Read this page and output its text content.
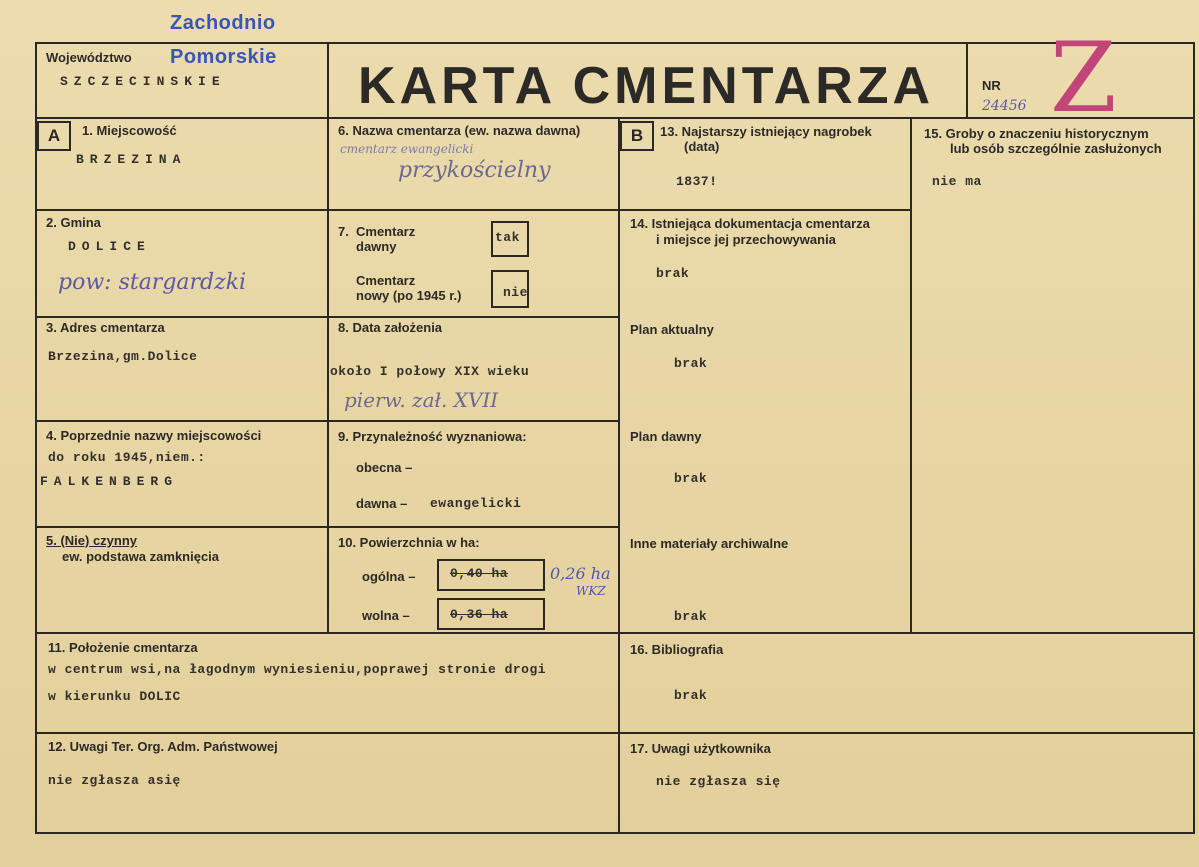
Zachodnio
Pomorskie
Województwo
SZCZECINSKIE	KARTA CMENTARZA	NR
24456 Z
A	B
1. Miejscowość
BRZEZINA
2. Gmina
DOLICE
pow: stargardzki
3. Adres cmentarza
Brzezina,gm.Dolice
4. Poprzednie nazwy miejscowości
do roku 1945,niem.:
FALKENBERG
5. (Nie) czynny
ew. podstawa zamknięcia
6. Nazwa cmentarza (ew. nazwa dawna)
cmentarz ewangelicki
przykościelny
Cmentarz
dawny
7.	tak
Cmentarz
nowy (po 1945 r.)	nie
8. Data założenia
około I połowy XIX wieku
pierw. zał. XVII
9. Przynależność wyznaniowa:
obecna –
dawna – ewangelicki
10. Powierzchnia w ha:
ogólna –	0,40 ha
wolna –	0,36 ha
0,26 ha
WKZ
11. Położenie cmentarza
w centrum wsi,na łagodnym wyniesieniu,poprawej stronie drogi
w kierunku DOLIC
12. Uwagi Ter. Org. Adm. Państwowej
nie zgłasza asię
13. Najstarszy istniejący nagrobek
(data)
1837!
14. Istniejąca dokumentacja cmentarza
i miejsce jej przechowywania
brak
Plan aktualny
brak
Plan dawny
brak
Inne materiały archiwalne
brak
15. Groby o znaczeniu historycznym
lub osób szczególnie zasłużonych
nie ma
16. Bibliografia
brak
17. Uwagi użytkownika
nie zgłasza się
